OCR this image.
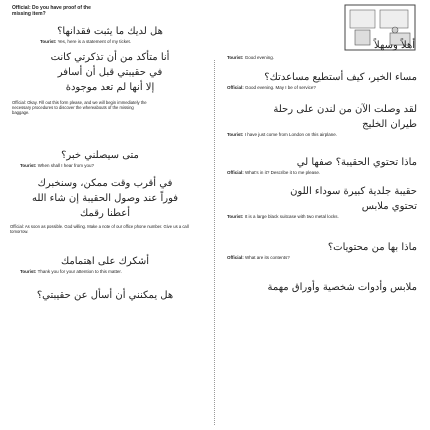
Official: Do you have proof of the missing item?
هل لديك ما يثبت فقدانها؟
Tourist: Yes, here is a statement of my ticket.
أنا متأكد من أن تذكرتي كانت
في حقيبتي قبل أن أسافر
إلا أنها لم تعد موجودة
Official: Okay. Fill out this form please, and we will begin immediately the necessary procedures to discover the whereabouts of the missing baggage.
متى سيصلني خبر؟
Tourist: When shall I hear from you?
في أقرب وقت ممكن، وسنخبرك
فوراً عند وصول الحقيبة إن شاء الله
أعطنا رقمك
Official: As soon as possible. God willing. Make a note of our office phone number. Give us a call tomorrow.
أشكرك على اهتمامك
Tourist: Thank you for your attention to this matter.
هل يمكنني أن أسأل عن حقيبتي؟
أهلاً وسهلاً
Tourist: Good evening.
مساء الخير، كيف أستطيع مساعدتك؟
Official: Good evening. May I be of service?
لقد وصلت الآن من لندن على رحلة
طيران الخليج
Tourist: I have just come from London on this airplane.
ماذا تحتوي الحقيبة؟ صفها لي
Official: What's in it? Describe it to me please.
حقيبة جلدية كبيرة سوداء اللون
تحتوي ملابس
Tourist: It is a large black suitcase with two metal locks.
ماذا بها من محتويات؟
Official: What are its contents?
ملابس وأدوات شخصية وأوراق مهمة
